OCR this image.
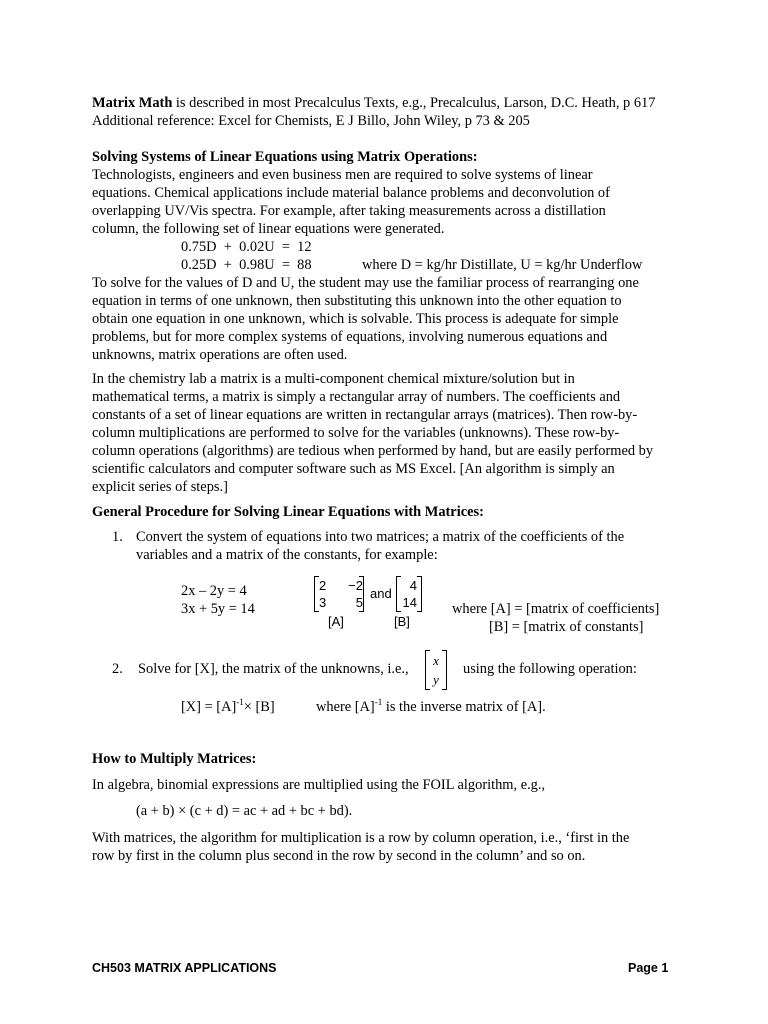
Matrix Math is described in most Precalculus Texts, e.g., Precalculus, Larson, D.C. Heath, p 617
Additional reference: Excel for Chemists, E J Billo, John Wiley, p 73 & 205
Solving Systems of Linear Equations using Matrix Operations:
Technologists, engineers and even business men are required to solve systems of linear
equations. Chemical applications include material balance problems and deconvolution of
overlapping UV/Vis spectra. For example, after taking measurements across a distillation
column, the following set of linear equations were generated.
0.75D  +  0.02U  =  12
0.25D  +  0.98U  =  88	where D = kg/hr Distillate, U = kg/hr Underflow
To solve for the values of D and U, the student may use the familiar process of rearranging one
equation in terms of one unknown, then substituting this unknown into the other equation to
obtain one equation in one unknown, which is solvable. This process is adequate for simple
problems, but for more complex systems of equations, involving numerous equations and
unknowns, matrix operations are often used.
In the chemistry lab a matrix is a multi-component chemical mixture/solution but in
mathematical terms, a matrix is simply a rectangular array of numbers. The coefficients and
constants of a set of linear equations are written in rectangular arrays (matrices). Then row-by-
column multiplications are performed to solve for the variables (unknowns). These row-by-
column operations (algorithms) are tedious when performed by hand, but are easily performed by
scientific calculators and computer software such as MS Excel. [An algorithm is simply an
explicit series of steps.]
General Procedure for Solving Linear Equations with Matrices:
1. Convert the system of equations into two matrices; a matrix of the coefficients of the
variables and a matrix of the constants, for example:
2x – 2y = 4
3x + 5y = 14
2	−2
3	5
and
4
14
[A]	[B]
where [A] = [matrix of coefficients]
[B] = [matrix of constants]
2. Solve for [X], the matrix of the unknowns, i.e.,
x
y
using the following operation:
$[X] = [A]^{-1}\times [B]$	where $[A]^{-1}$ is the inverse matrix of [A].
How to Multiply Matrices:
In algebra, binomial expressions are multiplied using the FOIL algorithm, e.g.,
(a + b) × (c + d) = ac + ad + bc + bd).
With matrices, the algorithm for multiplication is a row by column operation, i.e., ‘first in the
row by first in the column plus second in the row by second in the column’ and so on.
CH503 MATRIX APPLICATIONS	Page 1
